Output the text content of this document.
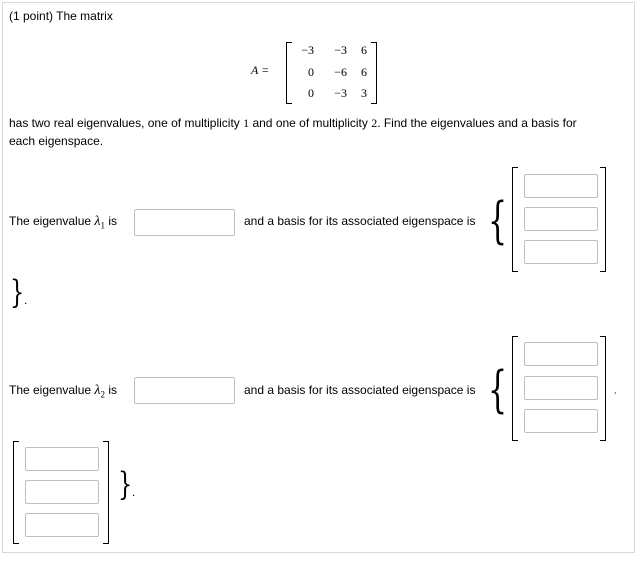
(1 point) The matrix
A =
−3	−3	6
0	−6	6
0	−3	3
has two real eigenvalues, one of multiplicity 1 and one of multiplicity 2. Find the eigenvalues and a basis for
each eigenspace.
The eigenvalue $\lambda_1$ is	and a basis for its associated eigenspace is {
} .
The eigenvalue $\lambda_2$ is	and a basis for its associated eigenspace is {	,
} .
